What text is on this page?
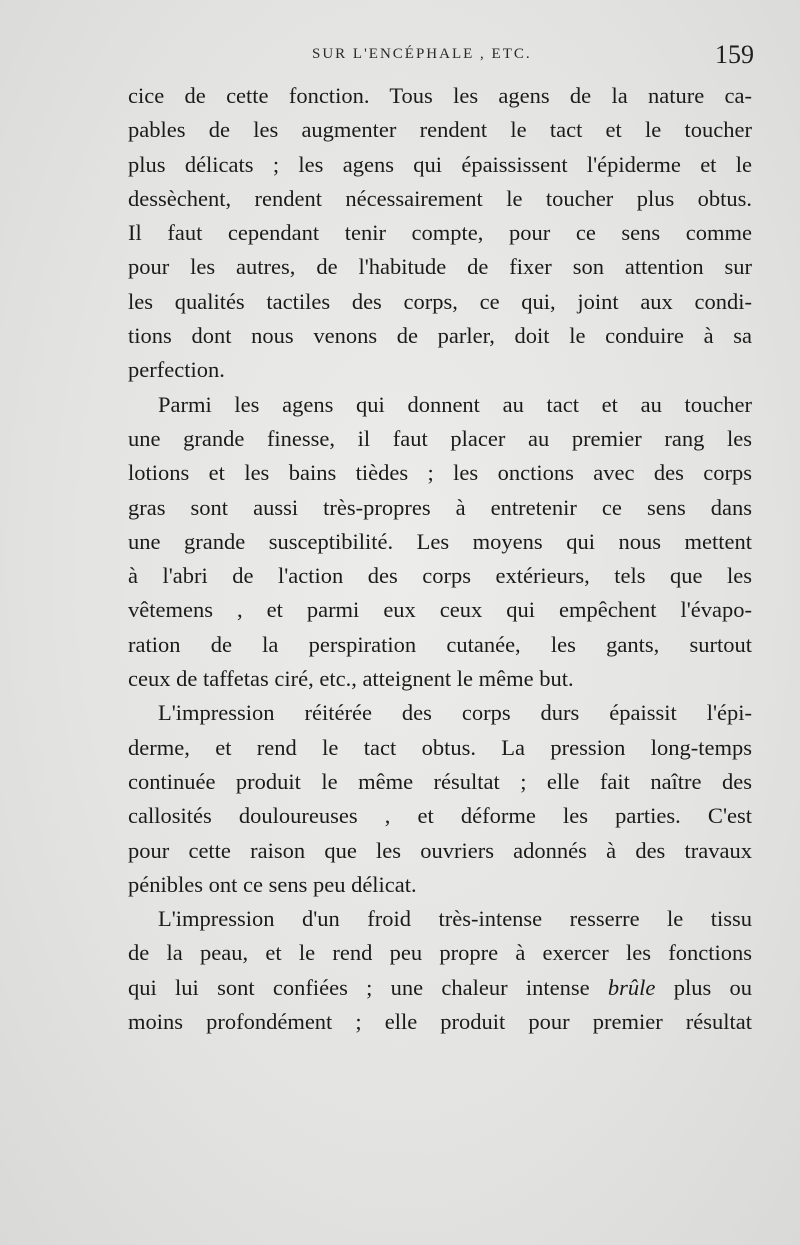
SUR L'ENCÉPHALE , ETC.	159
cice de cette fonction. Tous les agens de la nature ca-
pables de les augmenter rendent le tact et le toucher
plus délicats ; les agens qui épaississent l'épiderme et le
dessèchent, rendent nécessairement le toucher plus obtus.
Il faut cependant tenir compte, pour ce sens comme
pour les autres, de l'habitude de fixer son attention sur
les qualités tactiles des corps, ce qui, joint aux condi-
tions dont nous venons de parler, doit le conduire à sa
perfection.
Parmi les agens qui donnent au tact et au toucher
une grande finesse, il faut placer au premier rang les
lotions et les bains tièdes ; les onctions avec des corps
gras sont aussi très-propres à entretenir ce sens dans
une grande susceptibilité. Les moyens qui nous mettent
à l'abri de l'action des corps extérieurs, tels que les
vêtemens , et parmi eux ceux qui empêchent l'évapo-
ration de la perspiration cutanée, les gants, surtout
ceux de taffetas ciré, etc., atteignent le même but.
L'impression réitérée des corps durs épaissit l'épi-
derme, et rend le tact obtus. La pression long-temps
continuée produit le même résultat ; elle fait naître des
callosités douloureuses , et déforme les parties. C'est
pour cette raison que les ouvriers adonnés à des travaux
pénibles ont ce sens peu délicat.
L'impression d'un froid très-intense resserre le tissu
de la peau, et le rend peu propre à exercer les fonctions
qui lui sont confiées ; une chaleur intense brûle plus ou
moins profondément ; elle produit pour premier résultat
